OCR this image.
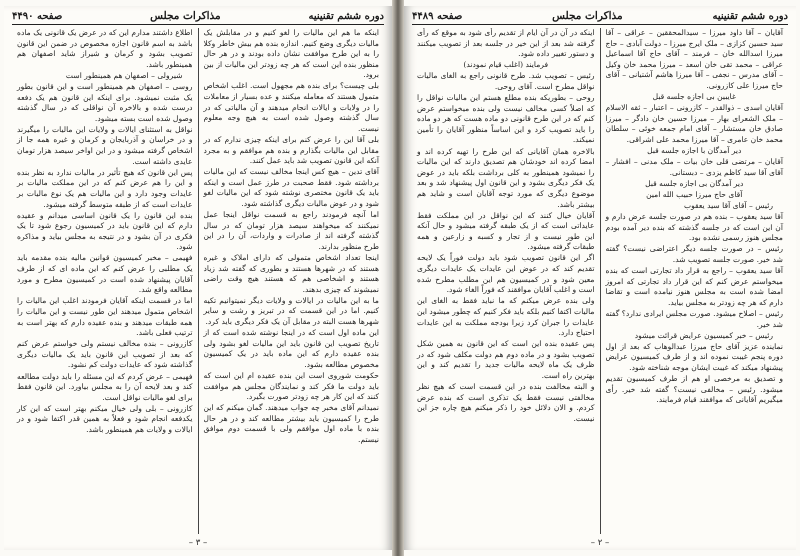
دوره ششم تقنینیه
مذاکرات مجلس
صفحه ۴۴۹۰

اینکه ما هم این مالیات را لغو کنیم و در مقابلش یک مالیات دیگری وضع کنیم. اندازه بنده هم بیش خاطر وکلا را به این طرح موافقت نشان داده بودند و در هر حال منظور بنده این است که هر چه زودتر این مالیات از بین برود.

بلی چیست؟ برای بنده هم مجهول است. اغلب اشخاص متمول هستند که معامله میکنند و عده بسیار از معاملات را در ولایات و ایالات انجام میدهند و آن مالیاتی که در سال گذشته وصول شده است به هیچ وجه معلوم نیست.

بلی آقا این را عرض کنم برای اینکه چیزی ندارم که در مقابل این مالیات بگذارم و بنده هم موافقم و به مجرد آنکه این قانون تصویب شد باید عمل کنند.

آقای تدین – هیچ کس اینجا مخالف نیست که این مالیات برداشته شود. فقط صحبت در طرز عمل است و اینکه باید یک قانون مختصری نوشته شود که این مالیات لغو شود و در عوض مالیات دیگری گذاشته شود.

اما آنچه فرمودند راجع به قسمت نواقل اینجا عمل نمیکنند که میخواهند سیصد هزار تومان که در سال گذشته گرفته اند از صادرات و واردات، آن را در این طرح منظور بدارند.

اینجا تعداد اشخاص متمولی که دارای املاک و غیره هستند که در شهرها هستند و بطوری که گفته شد زیاد هستند و اشخاصی هم که هستند هیچ وقت راضی نمیشوند که چیزی بدهند.

ما به این مالیات در ایالات و ولایات دیگر نمیتوانیم تکیه کنیم. اما در این قسمت که در تبریز و رشت و سایر شهرها هست البته در مقابل آن یک فکر دیگری باید کرد.

این ماده اول است که در اینجا نوشته شده است که از تاریخ تصویب این قانون باید این مالیات لغو بشود ولی بنده عقیده دارم که این ماده باید در یک کمیسیون مخصوص مطالعه بشود.

حکومت شوروی است این بنده عقیده ام این است که باید دولت ما فکر کند و نمایندگان مجلس هم موافقت کنند که این کار هر چه زودتر صورت بگیرد.

نمیدانم آقای مخبر چه جواب میدهند. گمان میکنم که این طرح را کمیسیون باید بیشتر مطالعه کند و در هر حال بنده با ماده اول موافقم ولی با قسمت دوم موافق نیستم.

اطلاع داشتند مدارم این که در عرض یک قانونی یک ماده باشد به اسم قانون اجازه مخصوص در ضمن این قانون تصویب بشود و کرمان و شیراز شاید اصفهان هم همینطور باشد.

شیرولی – اصفهان هم همینطور است

روسی – اصفهان هم همینطور است و این قانون بطور یک مثبت نمیشود. برای اینکه این قانون هم یک دفعه درست شده و بالاخره آن نواقلی که در سال گذشته وصول شده است بسته میشود.

نواقل به استثنای ایالات و ولایات این مالیات را میگیرند و در خراسان و آذربایجان و کرمان و غیره همه جا از اشخاص گرفته میشود و در این اواخر سیصد هزار تومان عایدی داشته است.

پس این قانون که هیچ تأثیر در مالیات ندارد به نظر بنده و این را هم عرض کنم که در این مملکت مالیات بر عایدات وجود دارد و این مالیات هم یک نوع مالیات بر عایدات است که از طبقه متوسط گرفته میشود.

بنده این قانون را یک قانون اساسی میدانم و عقیده دارم که این قانون باید در کمیسیون رجوع شود تا یک فکری در آن بشود و در نتیجه به مجلس بیاید و مذاکره شود.

فهیمی – مخبر کمیسیون قوانین مالیه بنده مقدمه باید یک مطلبی را عرض کنم که این ماده ای که از طرف آقایان پیشنهاد شده است در کمیسیون مطرح و مورد مطالعه واقع شد.

اما در قسمت اینکه آقایان فرمودند اغلب این مالیات را اشخاص متمول میدهند این طور نیست و این مالیات را همه طبقات میدهند و بنده عقیده دارم که بهتر است به ترتیب فعلی باشد.

کازرونی – بنده مخالف نیستم ولی خواستم عرض کنم که بعد از تصویب این قانون باید یک مالیات دیگری گذاشته شود که عایدات دولت کم نشود.

فهیمی – عرض کردم که این مسئله را باید دولت مطالعه کند و بعد لایحه آن را به مجلس بیاورد. این قانون فقط برای لغو مالیات نواقل است.

کازرونی – بلی ولی خیال میکنم بهتر است که این کار یکدفعه انجام شود و فعلاً به همین قدر اکتفا شود و در ایالات و ولایات هم همینطور باشد.

– ۳ –
دوره ششم تقنینیه
مذاکرات مجلس
صفحه ۴۴۸۹

آقایان – آقا داود میرزا – سیدالمحققین – عراقی – آقا سید حسین کزازی – ملک ایرج میرزا – دولت آبادی – حاج میرزا اسدالله خان – فرمند – آقای حاج آقا اسماعیل عراقی – محمد تقی خان اسعد – میرزا محمد خان وکیل – آقای مدرس – نجفی – آقا میرزا هاشم آشتیانی – آقای حاج میرزا علی کازرونی.

غایبین بی اجازه جلسه قبل

آقایان اسدی – ذوالقدر – کازرونی – اعتبار – ثقه الاسلام – ملک الشعرای بهار – میرزا حسین خان دادگر – میرزا صادق خان مستشار – آقای امام جمعه خوئی – سلطان محمد خان عامری – آقا میرزا محمد علی اشراقی.

دیر آمدگان با اجازه جلسه قبل

آقایان – مرتضی قلی خان بیات – ملک مدنی – افشار – آقای آقا سید کاظم یزدی – دبستانی.

دیر آمدگان بی اجازه جلسه قبل

آقای حاج میرزا حبیب الله امین

رئیس – آقای آقا سید یعقوب

آقا سید یعقوب – بنده هم در صورت جلسه عرض دارم و آن این است که در جلسه گذشته که بنده دیر آمده بودم مجلس هنوز رسمی نشده بود.

رئیس – در صورت جلسه دیگر اعتراضی نیست؟ گفته شد خیر. صورت جلسه تصویب شد.

آقا سید یعقوب – راجع به قرار داد تجارتی است که بنده میخواستم عرض کنم که این قرار داد تجارتی که امروز امضا شده است به مجلس هنوز نیامده است و تقاضا دارم که هر چه زودتر به مجلس بیاید.

رئیس – اصلاح میشود. صورت مجلس ایرادی ندارد؟ گفته شد خیر.

رئیس – خبر کمیسیون عرایض قرائت میشود

نماینده عزیز آقای حاج میرزا عبدالوهاب که بعد از اول دوره پنجم غیبت نموده اند و از طرف کمیسیون عرایض پیشنهاد میکند که غیبت ایشان موجه شناخته شود.

و تصدیق به مرخصی او هم از طرف کمیسیون تقدیم میشود. رئیس – مخالفی نیست؟ گفته شد خیر. رأی میگیریم آقایانی که موافقند قیام فرمایند.

اینکه در آن در آن ایام از تقدیم رأی شود به موقع که رأی گرفته شد بعد از این خیر در جلسه بعد از تصویب میکنند و دستور تغییر داده شود.

فرمایند (اغلب قیام نمودند)

رئیس – تصویب شد. طرح قانونی راجع به الغای مالیات نواقل مطرح است. آقای روحی.

روحی – بطوریکه بنده مطلع هستم این مالیات نواقل را که اصلاً کسی مخالف نیست ولی بنده میخواستم عرض کنم که در این طرح قانونی دو ماده هست که هر دو ماده را باید تصویب کرد و این اساساً منظور آقایان را تأمین نمیکند.

بالاخره همان آقایانی که این طرح را تهیه کرده اند و امضا کرده اند خودشان هم تصدیق دارند که این مالیات را نمیشود همینطور به کلی برداشت بلکه باید در عوض یک فکر دیگری بشود و این قانون اول پیشنهاد شد و بعد موضوع دیگری که مورد توجه آقایان است و شاید هم بیشتر باشد.

آقایان خیال کنند که این نواقل در این مملکت فقط عایداتی است که از یک طبقه گرفته میشود و حال آنکه این طور نیست و از تجار و کسبه و زارعین و همه طبقات گرفته میشود.

اگر این قانون تصویب شود باید دولت فوراً یک لایحه تقدیم کند که در عوض این عایدات یک عایدات دیگری معین شود و در کمیسیون هم این مطلب مطرح شده است و اغلب آقایان موافقند که فوراً الغاء شود.

ولی بنده عرض میکنم که ما نباید فقط به الغای این مالیات اکتفا کنیم بلکه باید فکر کنیم که چطور میشود این عایدات را جبران کرد زیرا بودجه مملکت به این عایدات احتیاج دارد.

پس عقیده بنده این است که این قانون به همین شکل تصویب بشود و در ماده دوم هم دولت مکلف شود که در ظرف یک ماه لایحه مالیات جدید را تقدیم کند و این بهترین راه است.

و البته مخالفت بنده در این قسمت است که هیچ نظر مخالفتی نیست فقط یک تذکری است که بنده عرض کردم. و الان دلائل خود را ذکر میکنم هیچ چاره جز این نیست.

– ۲ –
